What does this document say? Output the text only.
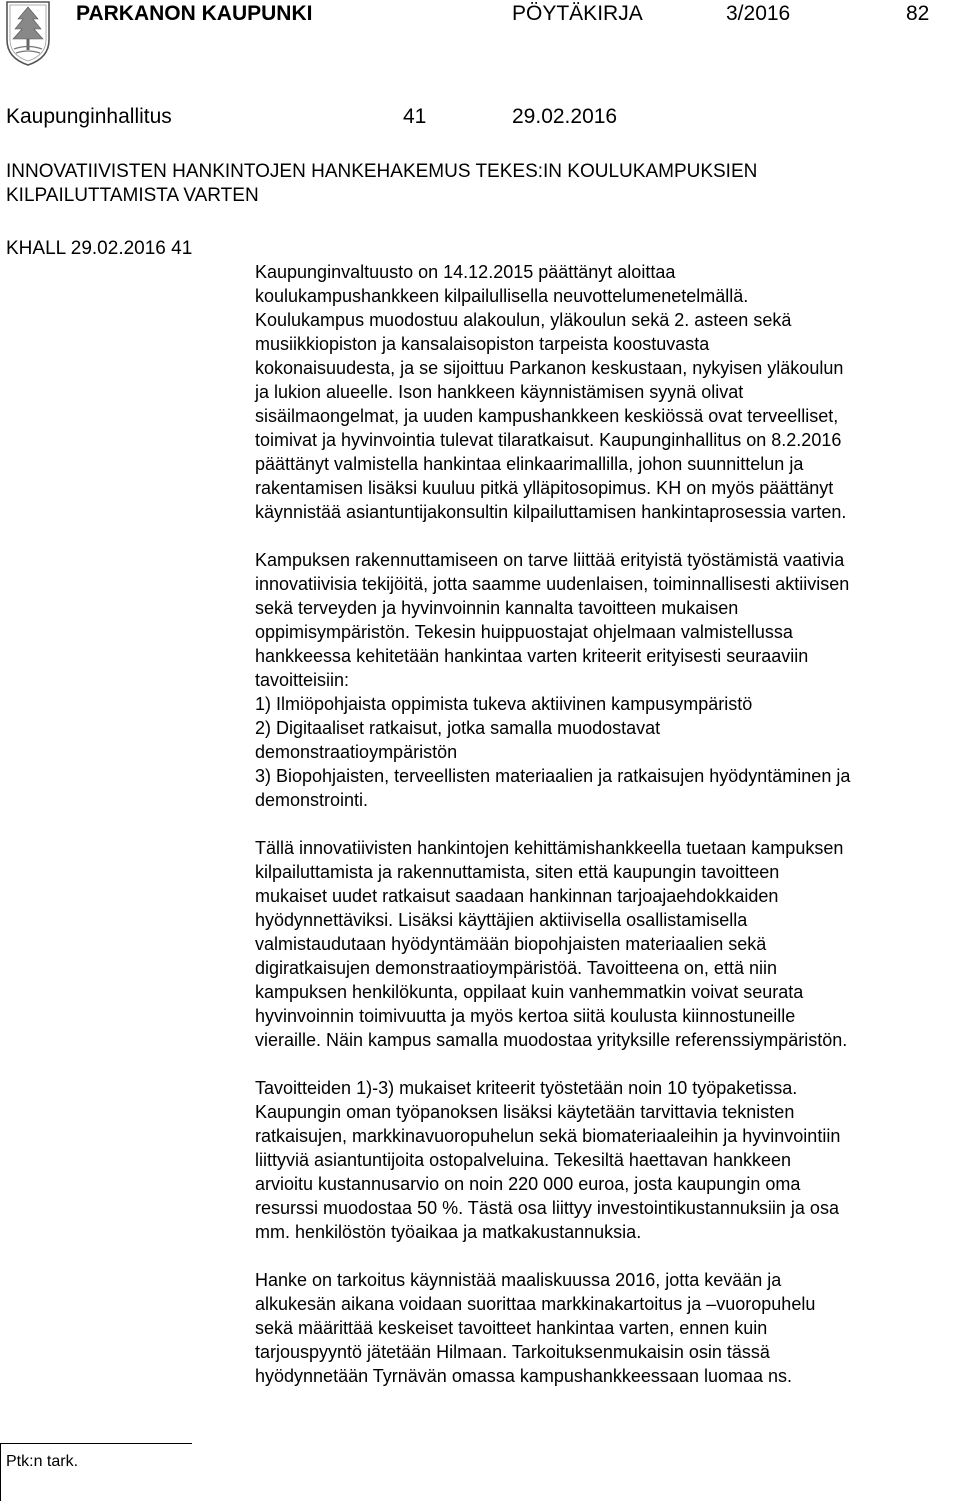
PARKANON KAUPUNKI	PÖYTÄKIRJA	3/2016	82
Kaupunginhallitus	41	29.02.2016
INNOVATIIVISTEN HANKINTOJEN HANKEHAKEMUS TEKES:IN KOULUKAMPUKSIEN
KILPAILUTTAMISTA VARTEN
KHALL 29.02.2016 41
Kaupunginvaltuusto on 14.12.2015 päättänyt aloittaa
koulukampushankkeen kilpailullisella neuvottelumenetelmällä.
Koulukampus muodostuu alakoulun, yläkoulun sekä 2. asteen sekä
musiikkiopiston ja kansalaisopiston tarpeista koostuvasta
kokonaisuudesta, ja se sijoittuu Parkanon keskustaan, nykyisen yläkoulun
ja lukion alueelle. Ison hankkeen käynnistämisen syynä olivat
sisäilmaongelmat, ja uuden kampushankkeen keskiössä ovat terveelliset,
toimivat ja hyvinvointia tulevat tilaratkaisut. Kaupunginhallitus on 8.2.2016
päättänyt valmistella hankintaa elinkaarimallilla, johon suunnittelun ja
rakentamisen lisäksi kuuluu pitkä ylläpitosopimus. KH on myös päättänyt
käynnistää asiantuntijakonsultin kilpailuttamisen hankintaprosessia varten.
Kampuksen rakennuttamiseen on tarve liittää erityistä työstämistä vaativia
innovatiivisia tekijöitä, jotta saamme uudenlaisen, toiminnallisesti aktiivisen
sekä terveyden ja hyvinvoinnin kannalta tavoitteen mukaisen
oppimisympäristön. Tekesin huippuostajat ohjelmaan valmistellussa
hankkeessa kehitetään hankintaa varten kriteerit erityisesti seuraaviin
tavoitteisiin:
1) Ilmiöpohjaista oppimista tukeva aktiivinen kampusympäristö
2) Digitaaliset ratkaisut, jotka samalla muodostavat
demonstraatioympäristön
3) Biopohjaisten, terveellisten materiaalien ja ratkaisujen hyödyntäminen ja
demonstrointi.
Tällä innovatiivisten hankintojen kehittämishankkeella tuetaan kampuksen
kilpailuttamista ja rakennuttamista, siten että kaupungin tavoitteen
mukaiset uudet ratkaisut saadaan hankinnan tarjoajaehdokkaiden
hyödynnettäviksi. Lisäksi käyttäjien aktiivisella osallistamisella
valmistaudutaan hyödyntämään biopohjaisten materiaalien sekä
digiratkaisujen demonstraatioympäristöä. Tavoitteena on, että niin
kampuksen henkilökunta, oppilaat kuin vanhemmatkin voivat seurata
hyvinvoinnin toimivuutta ja myös kertoa siitä koulusta kiinnostuneille
vieraille. Näin kampus samalla muodostaa yrityksille referenssiympäristön.
Tavoitteiden 1)-3) mukaiset kriteerit työstetään noin 10 työpaketissa.
Kaupungin oman työpanoksen lisäksi käytetään tarvittavia teknisten
ratkaisujen, markkinavuoropuhelun sekä biomateriaaleihin ja hyvinvointiin
liittyviä asiantuntijoita ostopalveluina. Tekesiltä haettavan hankkeen
arvioitu kustannusarvio on noin 220 000 euroa, josta kaupungin oma
resurssi muodostaa 50 %. Tästä osa liittyy investointikustannuksiin ja osa
mm. henkilöstön työaikaa ja matkakustannuksia.
Hanke on tarkoitus käynnistää maaliskuussa 2016, jotta kevään ja
alkukesän aikana voidaan suorittaa markkinakartoitus ja –vuoropuhelu
sekä määrittää keskeiset tavoitteet hankintaa varten, ennen kuin
tarjouspyyntö jätetään Hilmaan. Tarkoituksenmukaisin osin tässä
hyödynnetään Tyrnävän omassa kampushankkeessaan luomaa ns.
Ptk:n tark.
